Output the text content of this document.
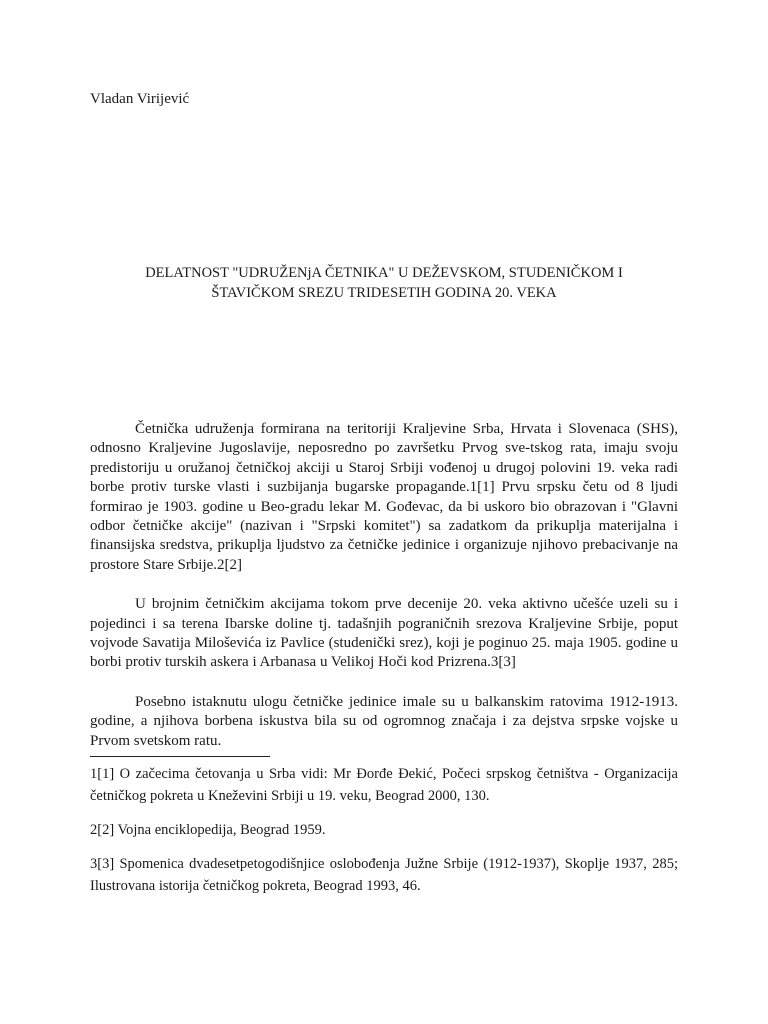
Vladan Virijević
DELATNOST "UDRUŽENjA ČETNIKA" U DEŽEVSKOM, STUDENIČKOM I
ŠTAVIČKOM SREZU TRIDESETIH GODINA 20. VEKA

Četnička udruženja formirana na teritoriji Kraljevine Srba, Hrvata i Slovenaca (SHS), odnosno Kraljevine Jugoslavije, neposredno po završetku Prvog sve-tskog rata, imaju svoju predistoriju u oružanoj četničkoj akciji u Staroj Srbiji vođenoj u drugoj polovini 19. veka radi borbe protiv turske vlasti i suzbijanja bugarske propagande.1[1] Prvu srpsku četu od 8 ljudi formirao je 1903. godine u Beo-gradu lekar M. Gođevac, da bi uskoro bio obrazovan i "Glavni odbor četničke akcije" (nazivan i "Srpski komitet") sa zadatkom da prikuplja materijalna i finansijska sredstva, prikuplja ljudstvo za četničke jedinice i organizuje njihovo prebacivanje na prostore Stare Srbije.2[2]

U brojnim četničkim akcijama tokom prve decenije 20. veka aktivno učešće uzeli su i pojedinci i sa terena Ibarske doline tj. tadašnjih pograničnih srezova Kraljevine Srbije, poput vojvode Savatija Miloševića iz Pavlice (studenički srez), koji je poginuo 25. maja 1905. godine u borbi protiv turskih askera i Arbanasa u Velikoj Hoči kod Prizrena.3[3]

Posebno istaknutu ulogu četničke jedinice imale su u balkanskim ratovima 1912-1913. godine, a njihova borbena iskustva bila su od ogromnog značaja i za dejstva srpske vojske u Prvom svetskom ratu.

1[1] O začecima četovanja u Srba vidi: Mr Đorđe Đekić, Počeci srpskog četništva - Organizacija četničkog pokreta u Kneževini Srbiji u 19. veku, Beograd 2000, 130.

2[2] Vojna enciklopedija, Beograd 1959.

3[3] Spomenica dvadesetpetogodišnjice oslobođenja Južne Srbije (1912-1937), Skoplje 1937, 285; Ilustrovana istorija četničkog pokreta, Beograd 1993, 46.
